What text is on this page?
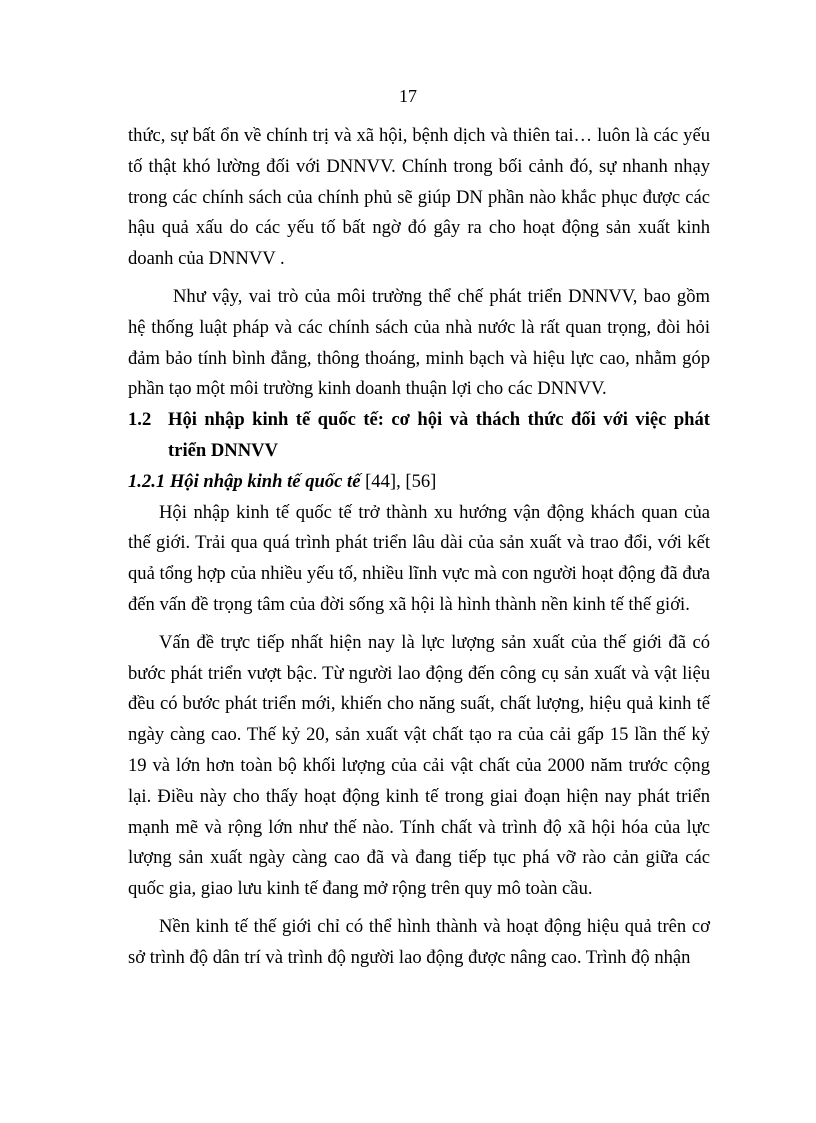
17

thức, sự bất ổn về chính trị và xã hội, bệnh dịch và thiên tai… luôn là các yếu tố thật khó lường đối với DNNVV. Chính trong bối cảnh đó, sự nhanh nhạy trong các chính sách của chính phủ sẽ giúp DN phần nào khắc phục được các hậu quả xấu do các yếu tố bất ngờ đó gây ra cho hoạt động sản xuất kinh doanh của DNNVV .

Như vậy, vai trò của môi trường thể chế phát triển DNNVV, bao gồm hệ thống luật pháp và các chính sách của nhà nước là rất quan trọng, đòi hỏi đảm bảo tính bình đẳng, thông thoáng, minh bạch và hiệu lực cao, nhằm góp phần tạo một môi trường kinh doanh thuận lợi cho các DNNVV.

1.2 Hội nhập kinh tế quốc tế: cơ hội và thách thức đối với việc phát triển DNNVV

1.2.1 Hội nhập kinh tế quốc tế [44], [56]

Hội nhập kinh tế quốc tế trở thành xu hướng vận động khách quan của thế giới. Trải qua quá trình phát triển lâu dài của sản xuất và trao đổi, với kết quả tổng hợp của nhiều yếu tố, nhiều lĩnh vực mà con người hoạt động đã đưa đến vấn đề trọng tâm của đời sống xã hội là hình thành nền kinh tế thế giới.

Vấn đề trực tiếp nhất hiện nay là lực lượng sản xuất của thế giới đã có bước phát triển vượt bậc. Từ người lao động đến công cụ sản xuất và vật liệu đều có bước phát triển mới, khiến cho năng suất, chất lượng, hiệu quả kinh tế ngày càng cao. Thế kỷ 20, sản xuất vật chất tạo ra của cải gấp 15 lần thế kỷ 19 và lớn hơn toàn bộ khối lượng của cải vật chất của 2000 năm trước cộng lại. Điều này cho thấy hoạt động kinh tế trong giai đoạn hiện nay phát triển mạnh mẽ và rộng lớn như thế nào. Tính chất và trình độ xã hội hóa của lực lượng sản xuất ngày càng cao đã và đang tiếp tục phá vỡ rào cản giữa các quốc gia, giao lưu kinh tế đang mở rộng trên quy mô toàn cầu.

Nền kinh tế thế giới chỉ có thể hình thành và hoạt động hiệu quả trên cơ sở trình độ dân trí và trình độ người lao động được nâng cao. Trình độ nhận
